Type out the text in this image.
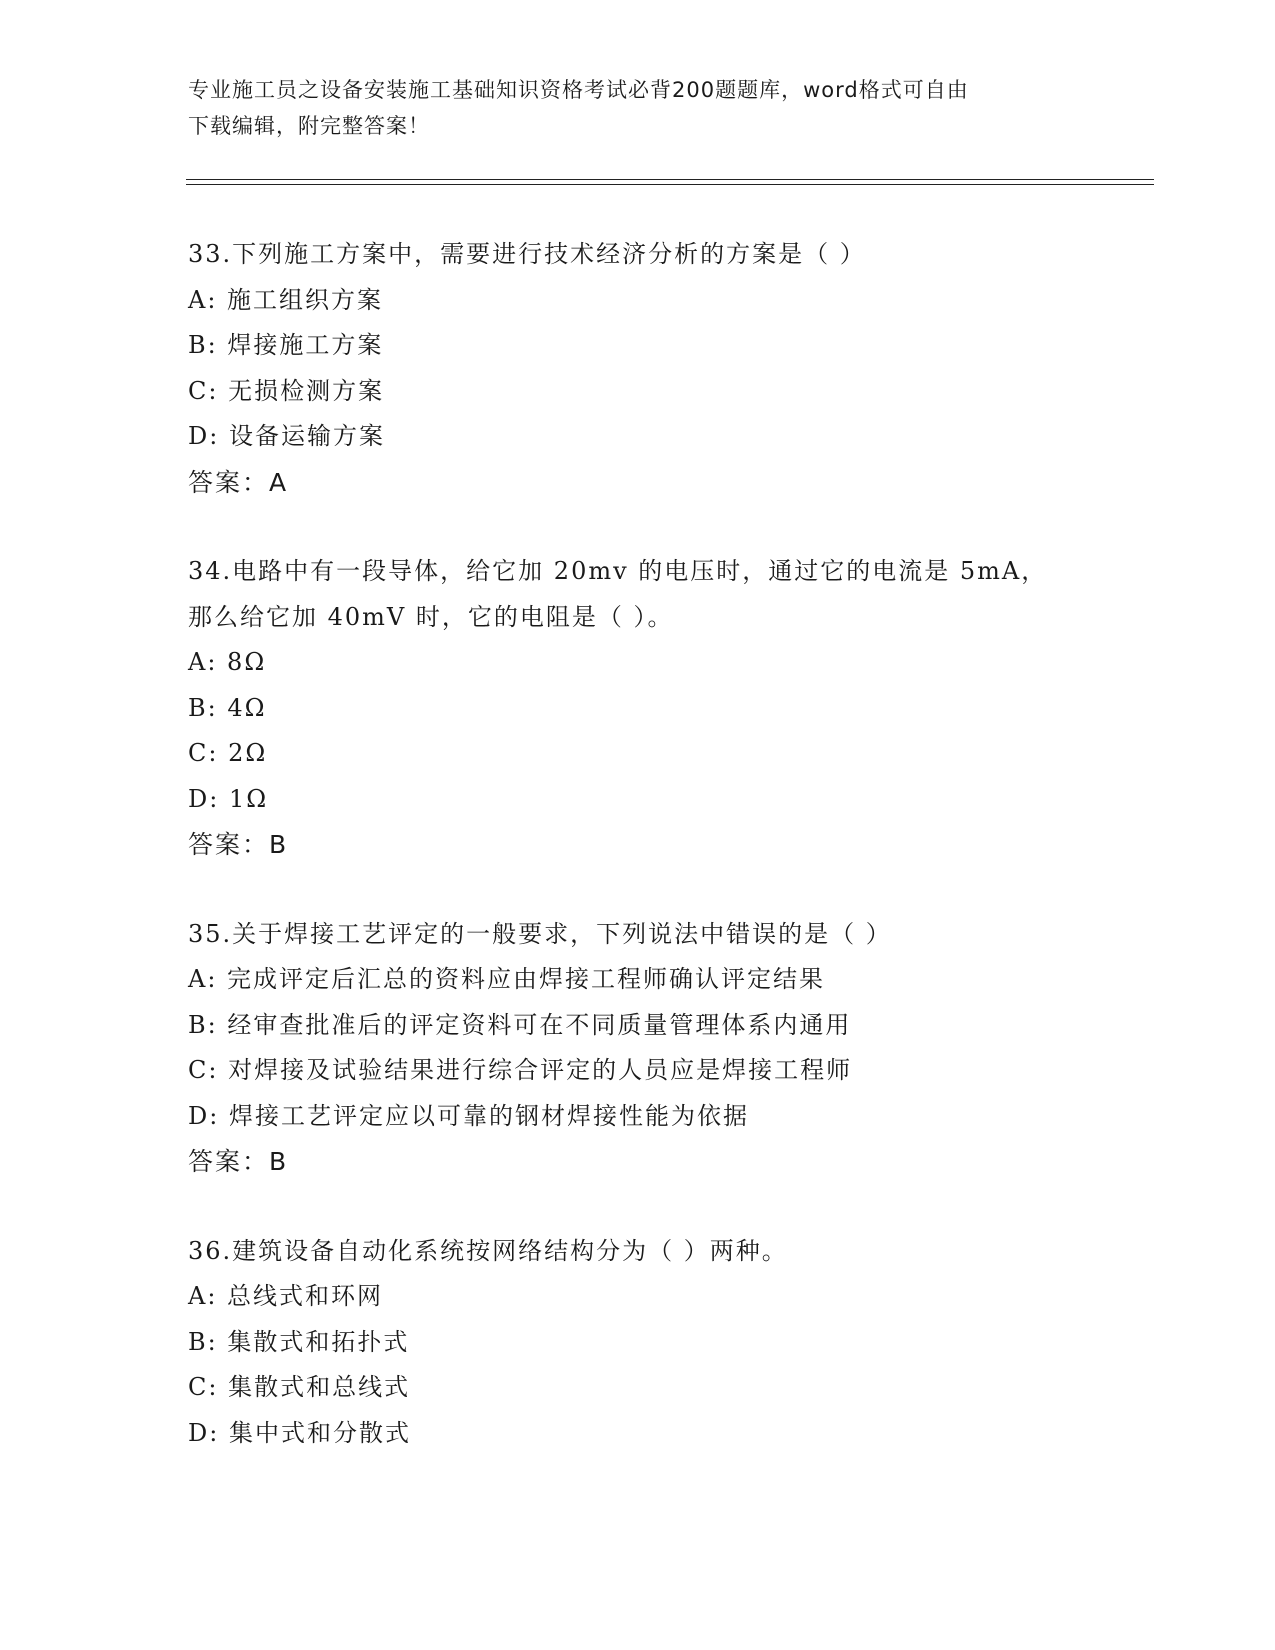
专业施工员之设备安装施工基础知识资格考试必背200题题库，word格式可自由
下载编辑，附完整答案！
33.下列施工方案中，需要进行技术经济分析的方案是（ ）
A: 施工组织方案
B: 焊接施工方案
C: 无损检测方案
D: 设备运输方案
答案：A
34.电路中有一段导体，给它加 20mv 的电压时，通过它的电流是 5mA，
那么给它加 40mV 时，它的电阻是（ ）。
A: 8Ω
B: 4Ω
C: 2Ω
D: 1Ω
答案：B
35.关于焊接工艺评定的一般要求，下列说法中错误的是（ ）
A: 完成评定后汇总的资料应由焊接工程师确认评定结果
B: 经审查批准后的评定资料可在不同质量管理体系内通用
C: 对焊接及试验结果进行综合评定的人员应是焊接工程师
D: 焊接工艺评定应以可靠的钢材焊接性能为依据
答案：B
36.建筑设备自动化系统按网络结构分为（ ）两种。
A: 总线式和环网
B: 集散式和拓扑式
C: 集散式和总线式
D: 集中式和分散式
